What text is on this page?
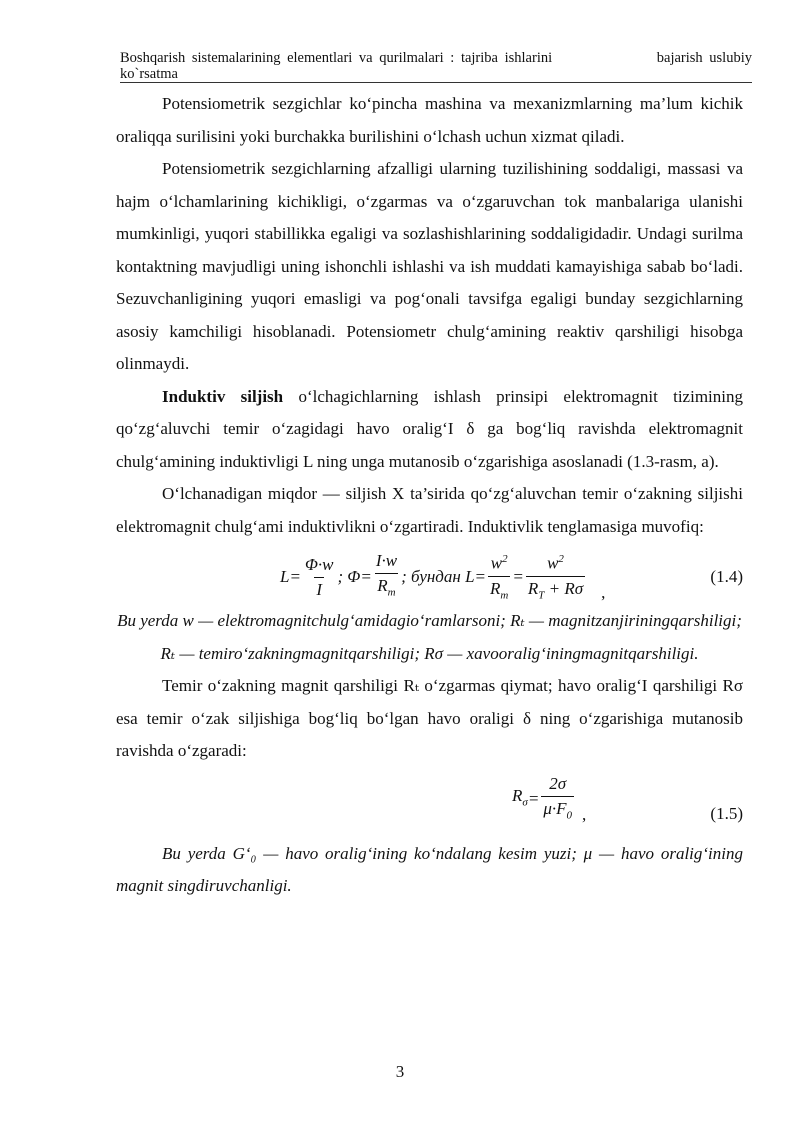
Boshqarish sistemalarining elementlari va qurilmalari : tajriba ishlarini	bajarish uslubiy
ko`rsatma

Potensiometrik sezgichlar ko‘pincha mashina va mexanizmlarning ma’lum kichik oraliqqa surilisini yoki burchakka burilishini o‘lchash uchun xizmat qiladi.

Potensiometrik sezgichlarning afzalligi ularning tuzilishining soddaligi, massasi va hajm o‘lchamlarining kichikligi, o‘zgarmas va o‘zgaruvchan tok manbalariga ulanishi mumkinligi, yuqori stabillikka egaligi va sozlashishlarining soddaligidadir. Undagi surilma kontaktning mavjudligi uning ishonchli ishlashi va ish muddati kamayishiga sabab bo‘ladi. Sezuvchanligining yuqori emasligi va pog‘onali tavsifga egaligi bunday sezgichlarning asosiy kamchiligi hisoblanadi. Potensiometr chulg‘amining reaktiv qarshiligi hisobga olinmaydi.

Induktiv siljish o‘lchagichlarning ishlash prinsipi elektromagnit tizimining qo‘zg‘aluvchi temir o‘zagidagi havo oralig‘I δ ga bog‘liq ravishda elektromagnit chulg‘amining induktivligi L ning unga mutanosib o‘zgarishiga asoslanadi (1.3-rasm, a).

O‘lchanadigan miqdor — siljish X ta’sirida qo‘zg‘aluvchan temir o‘zakning siljishi elektromagnit chulg‘ami induktivlikni o‘zgartiradi. Induktivlik tenglamasiga muvofiq:

$L = \frac{\Phi\cdot w}{I}$ ; $\Phi = \frac{I\cdot w}{R_m}$ ; бундан $L = \frac{w^2}{R_m} = \frac{w^2}{R_T + R\sigma}$ ,
(1.4)

Bu yerda w — elektromagnitchulg‘amidagio‘ramlarsoni; Rₜ — magnitzanjiriningqarshiligi; Rₜ — temiro‘zakningmagnitqarshiligi; Rσ — xavooralig‘iningmagnitqarshiligi.

Temir o‘zakning magnit qarshiligi Rₜ o‘zgarmas qiymat; havo oralig‘I qarshiligi Rσ esa temir o‘zak siljishiga bog‘liq bo‘lgan havo oraligi δ ning o‘zgarishiga mutanosib ravishda o‘zgaradi:

$R_\sigma = \frac{2\sigma}{\mu\cdot F_0}$ ,	(1.5)

Bu yerda G‘₀ — havo oralig‘ining ko‘ndalang kesim yuzi; μ — havo oralig‘ining magnit singdiruvchanligi.

3
